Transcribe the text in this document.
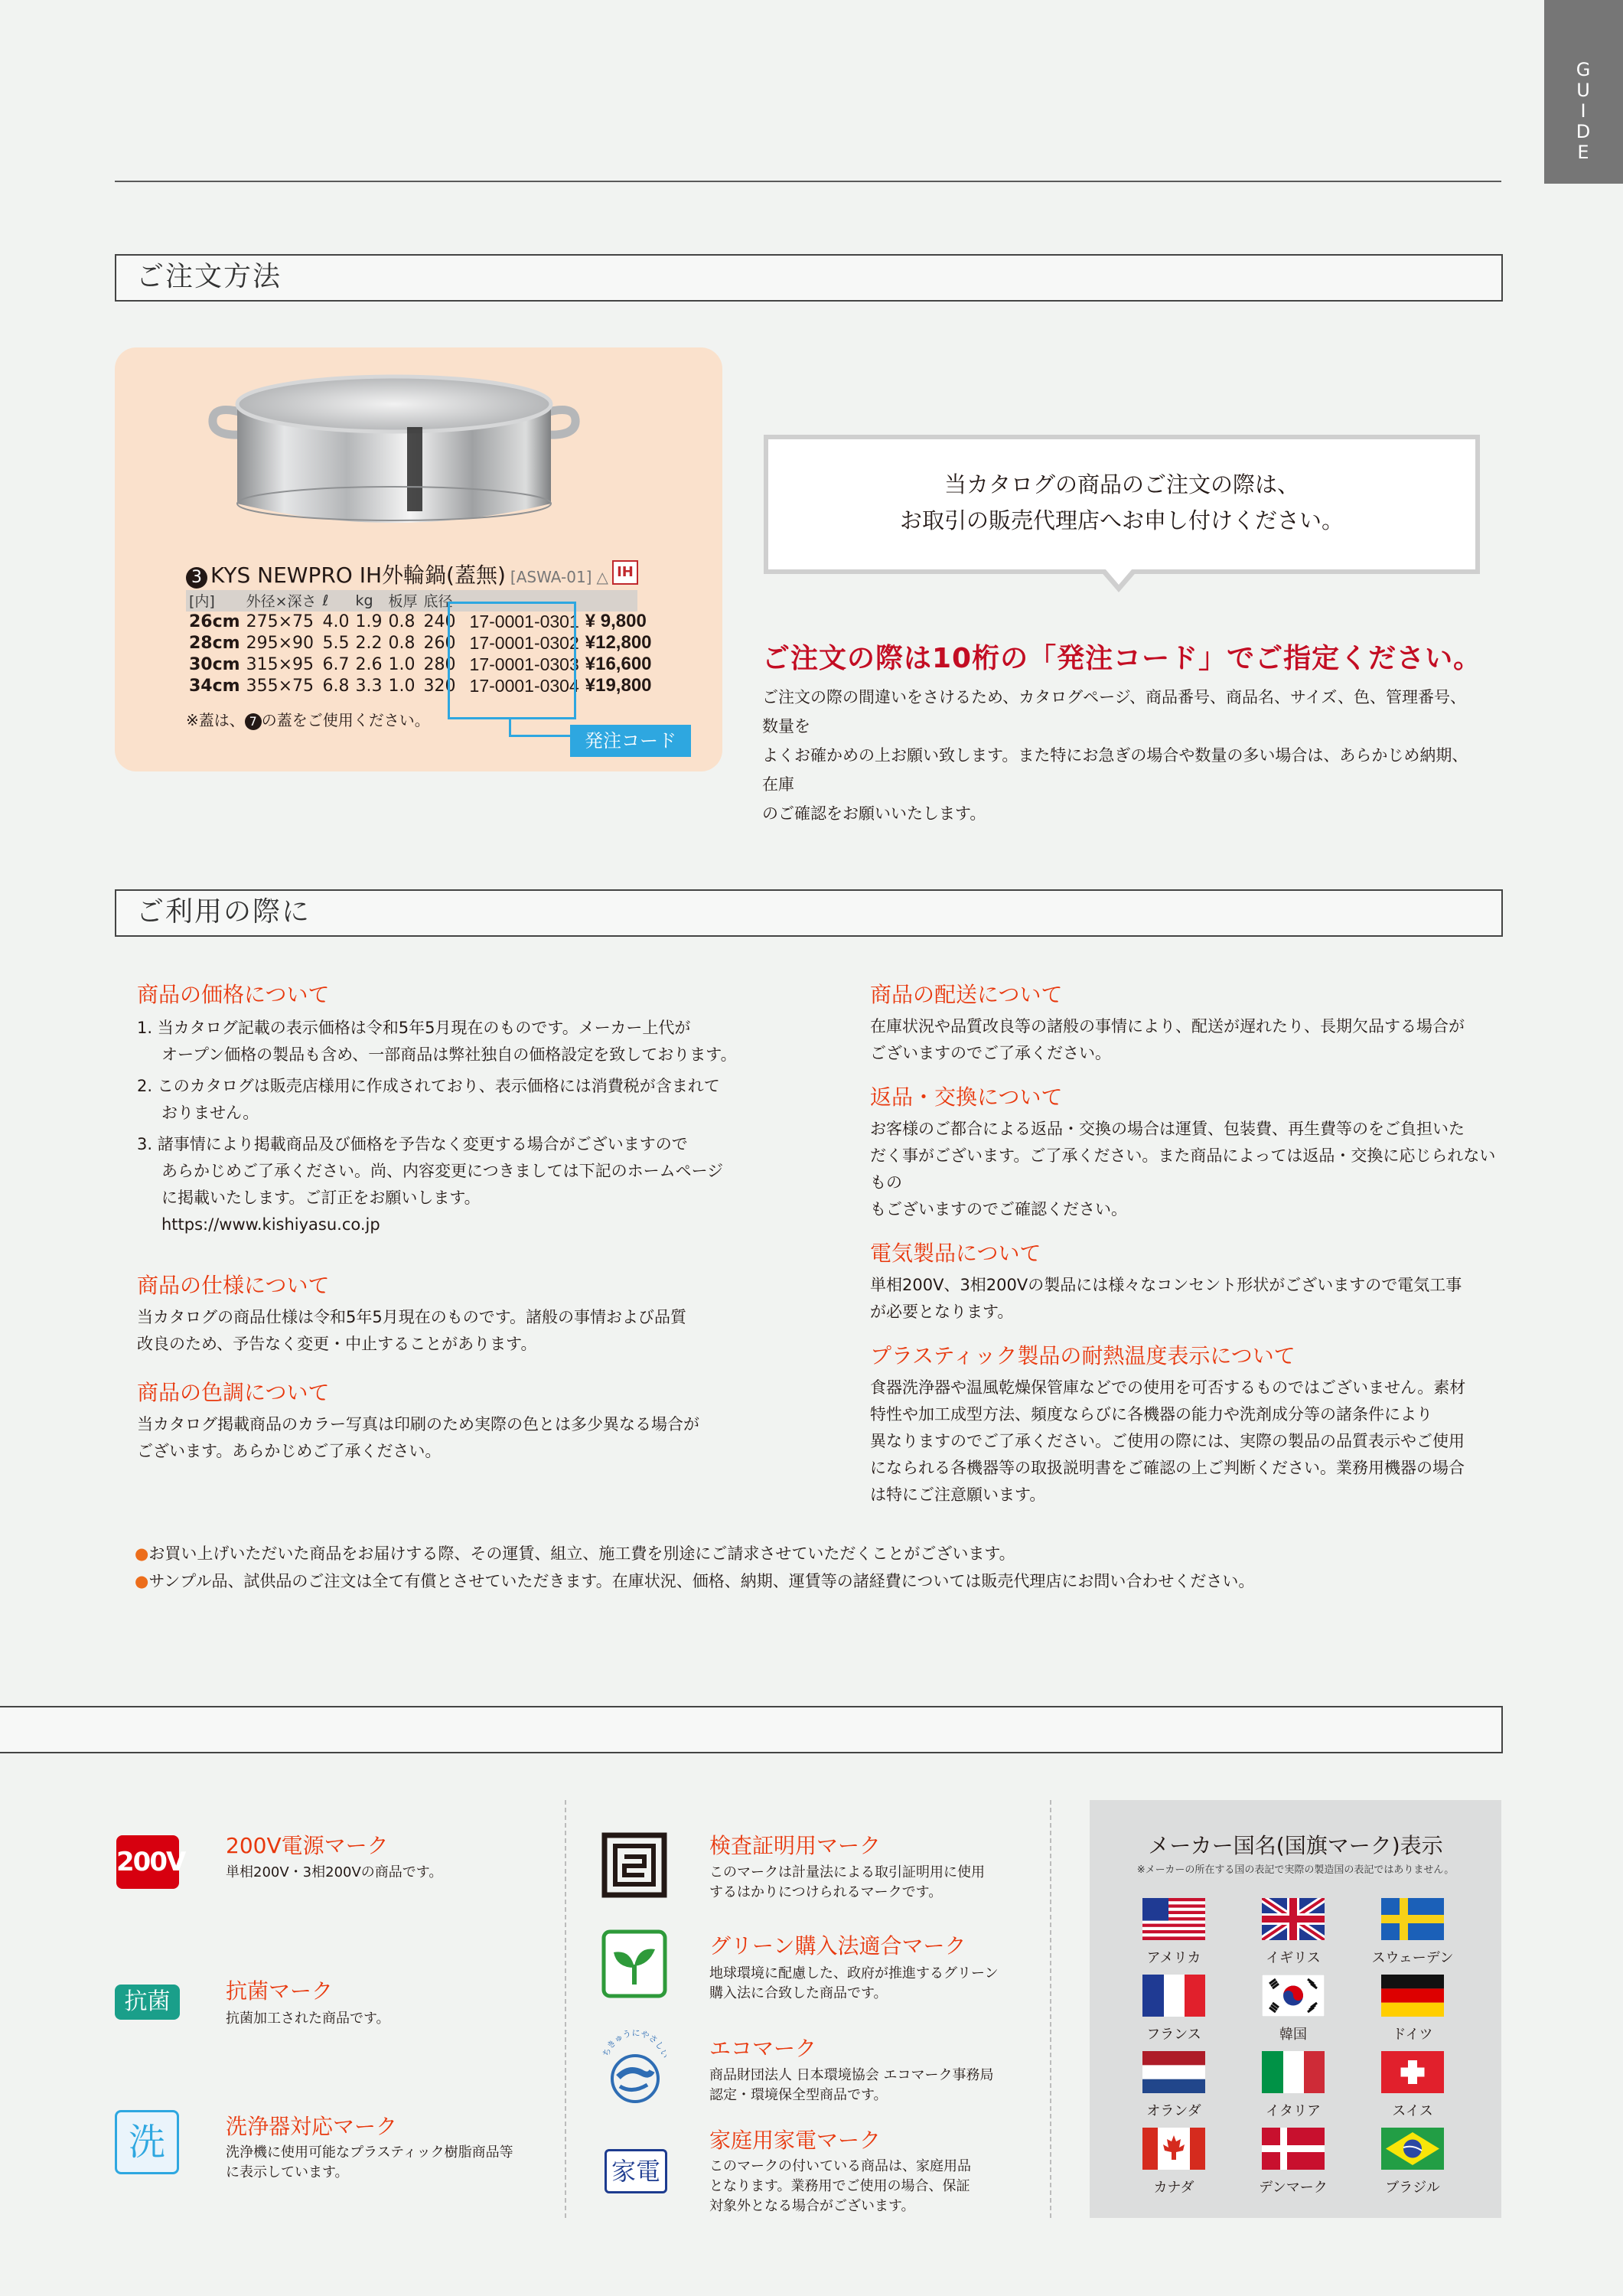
G
U
I
D
E
ご注文方法
3 KYS NEWPRO IH外輪鍋(蓋無) [ASWA-01] △ IH
[内]	外径×深さ	ℓ	kg	板厚	底径		
26cm	275×75	4.0	1.9	0.8	240	17-0001-0301	¥ 9,800
28cm	295×90	5.5	2.2	0.8	260	17-0001-0302	¥12,800
30cm	315×95	6.7	2.6	1.0	280	17-0001-0303	¥16,600
34cm	355×75	6.8	3.3	1.0	320	17-0001-0304	¥19,800
※蓋は、 7 の蓋をご使用ください。
発注コード
当カタログの商品のご注文の際は、
お取引の販売代理店へお申し付けください。
ご注文の際は10桁の「発注コード」でご指定ください。
ご注文の際の間違いをさけるため、カタログページ、商品番号、商品名、サイズ、色、管理番号、数量を
よくお確かめの上お願い致します。また特にお急ぎの場合や数量の多い場合は、あらかじめ納期、在庫
のご確認をお願いいたします。
ご利用の際に
商品の価格について
1. 当カタログ記載の表示価格は令和5年5月現在のものです。メーカー上代が
オープン価格の製品も含め、一部商品は弊社独自の価格設定を致しております。
2. このカタログは販売店様用に作成されており、表示価格には消費税が含まれて
おりません。
3. 諸事情により掲載商品及び価格を予告なく変更する場合がございますので
あらかじめご了承ください。尚、内容変更につきましては下記のホームページ
に掲載いたします。ご訂正をお願いします。
https://www.kishiyasu.co.jp
商品の仕様について

当カタログの商品仕様は令和5年5月現在のものです。諸般の事情および品質

改良のため、予告なく変更・中止することがあります。

商品の色調について

当カタログ掲載商品のカラー写真は印刷のため実際の色とは多少異なる場合が

ございます。あらかじめご了承ください。

商品の配送について

在庫状況や品質改良等の諸般の事情により、配送が遅れたり、長期欠品する場合が

ございますのでご了承ください。

返品・交換について

お客様のご都合による返品・交換の場合は運賃、包装費、再生費等のをご負担いた

だく事がございます。ご了承ください。また商品によっては返品・交換に応じられないもの

もございますのでご確認ください。

電気製品について

単相200V、3相200Vの製品には様々なコンセント形状がございますので電気工事

が必要となります。

プラスティック製品の耐熱温度表示について

食器洗浄器や温風乾燥保管庫などでの使用を可否するものではございません。素材

特性や加工成型方法、頻度ならびに各機器の能力や洗剤成分等の諸条件により

異なりますのでご了承ください。ご使用の際には、実際の製品の品質表示やご使用

になられる各機器等の取扱説明書をご確認の上ご判断ください。業務用機器の場合

は特にご注意願います。

●お買い上げいただいた商品をお届けする際、その運賃、組立、施工費を別途にご請求させていただくことがございます。
●サンプル品、試供品のご注文は全て有償とさせていただきます。在庫状況、価格、納期、運賃等の諸経費については販売代理店にお問い合わせください。
200V
200V電源マーク
単相200V・3相200Vの商品です。
抗菌	抗菌マーク
抗菌加工された商品です。
洗	洗浄器対応マーク
洗浄機に使用可能なプラスティック樹脂商品等
に表示しています。
検査証明用マーク
このマークは計量法による取引証明用に使用
するはかりにつけられるマークです。
グリーン購入法適合マーク
地球環境に配慮した、政府が推進するグリーン
購入法に合致した商品です。
ちきゅうにやさしい エコマーク
商品財団法人 日本環境協会 エコマーク事務局
認定・環境保全型商品です。
家電
家庭用家電マーク
このマークの付いている商品は、家庭用品
となります。業務用でご使用の場合、保証
対象外となる場合がございます。
メーカー国名(国旗マーク)表示
※メーカーの所在する国の表記で実際の製造国の表記ではありません。
アメリカ	イギリス	スウェーデン
フランス	韓国	ドイツ
オランダ	イタリア	スイス
カナダ	デンマーク	ブラジル
